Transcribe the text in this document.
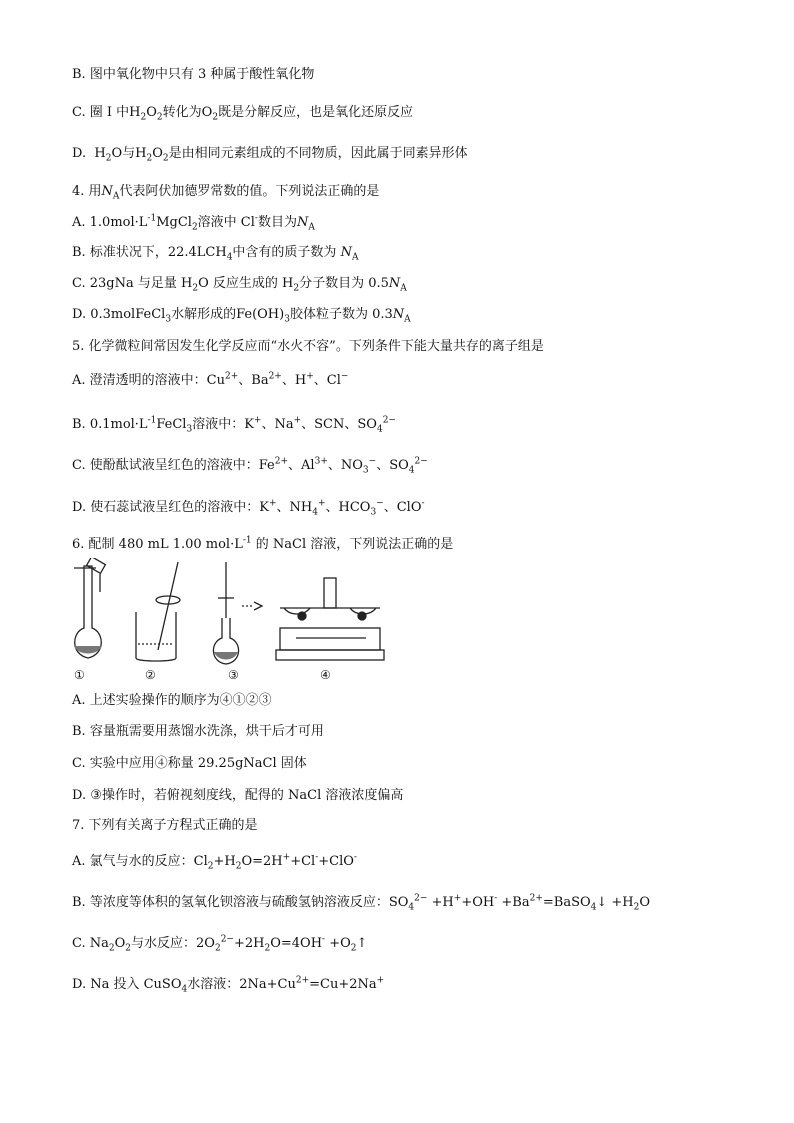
B. 图中氧化物中只有 3 种属于酸性氧化物
C. 圈 I 中$H_2O_2$转化为$O_2$既是分解反应，也是氧化还原反应
D. $H_2O$与$H_2O_2$是由相同元素组成的不同物质，因此属于同素异形体
4. 用$N_A$代表阿伏加德罗常数的值。下列说法正确的是
A. $1.0mol\cdot L^{-1}MgCl_2$溶液中 Cl-数目为$N_A$
B. 标准状况下，$22.4LCH_4$中含有的质子数为 $N_A$
C. 23gNa 与足量 $H_2O$ 反应生成的 $H_2$分子数目为 $0.5N_A$
D. 0.3molFeCl$_3$水解形成的$Fe(OH)_3$胶体粒子数为 $0.3N_A$
5. 化学微粒间常因发生化学反应而“水火不容”。下列条件下能大量共存的离子组是
A. 澄清透明的溶液中：$Cu^{2+}$、$Ba^{2+}$、H+、Cl−
B. $0.1mol\cdot L^{-1}FeCl_3$溶液中：K+、Na+、SCN、$SO_4^{2-}$
C. 使酚酞试液呈红色的溶液中：$Fe^{2+}$、$Al^{3+}$、$NO_3^-$、$SO_4^{2-}$
D. 使石蕊试液呈红色的溶液中：K+、$NH_4^+$、$HCO_3^-$、ClO-
6. 配制 480 mL 1.00 $mol\cdot L^{-1}$ 的 NaCl 溶液，下列说法正确的是
①	②	③	④
A. 上述实验操作的顺序为④①②③
B. 容量瓶需要用蒸馏水洗涤，烘干后才可用
C. 实验中应用④称量 29.25gNaCl 固体
D. ③操作时，若俯视刻度线，配得的 NaCl 溶液浓度偏高
7. 下列有关离子方程式正确的是
A. 氯气与水的反应：$Cl_2+H_2O=2H^++Cl^-+ClO^-$
B. 等浓度等体积的氢氧化钡溶液与硫酸氢钠溶液反应：$SO_4^{2-} +H^++OH^-$ $+Ba^{2+}=BaSO_4↓ +H_2O$
C. $Na_2O_2$与水反应：$2O_2^{2-}+2H_2O=4OH^-$ $+O_2↑$
D. Na 投入 CuSO$_4$水溶液：$2Na+Cu^{2+}=Cu+2Na^+$
